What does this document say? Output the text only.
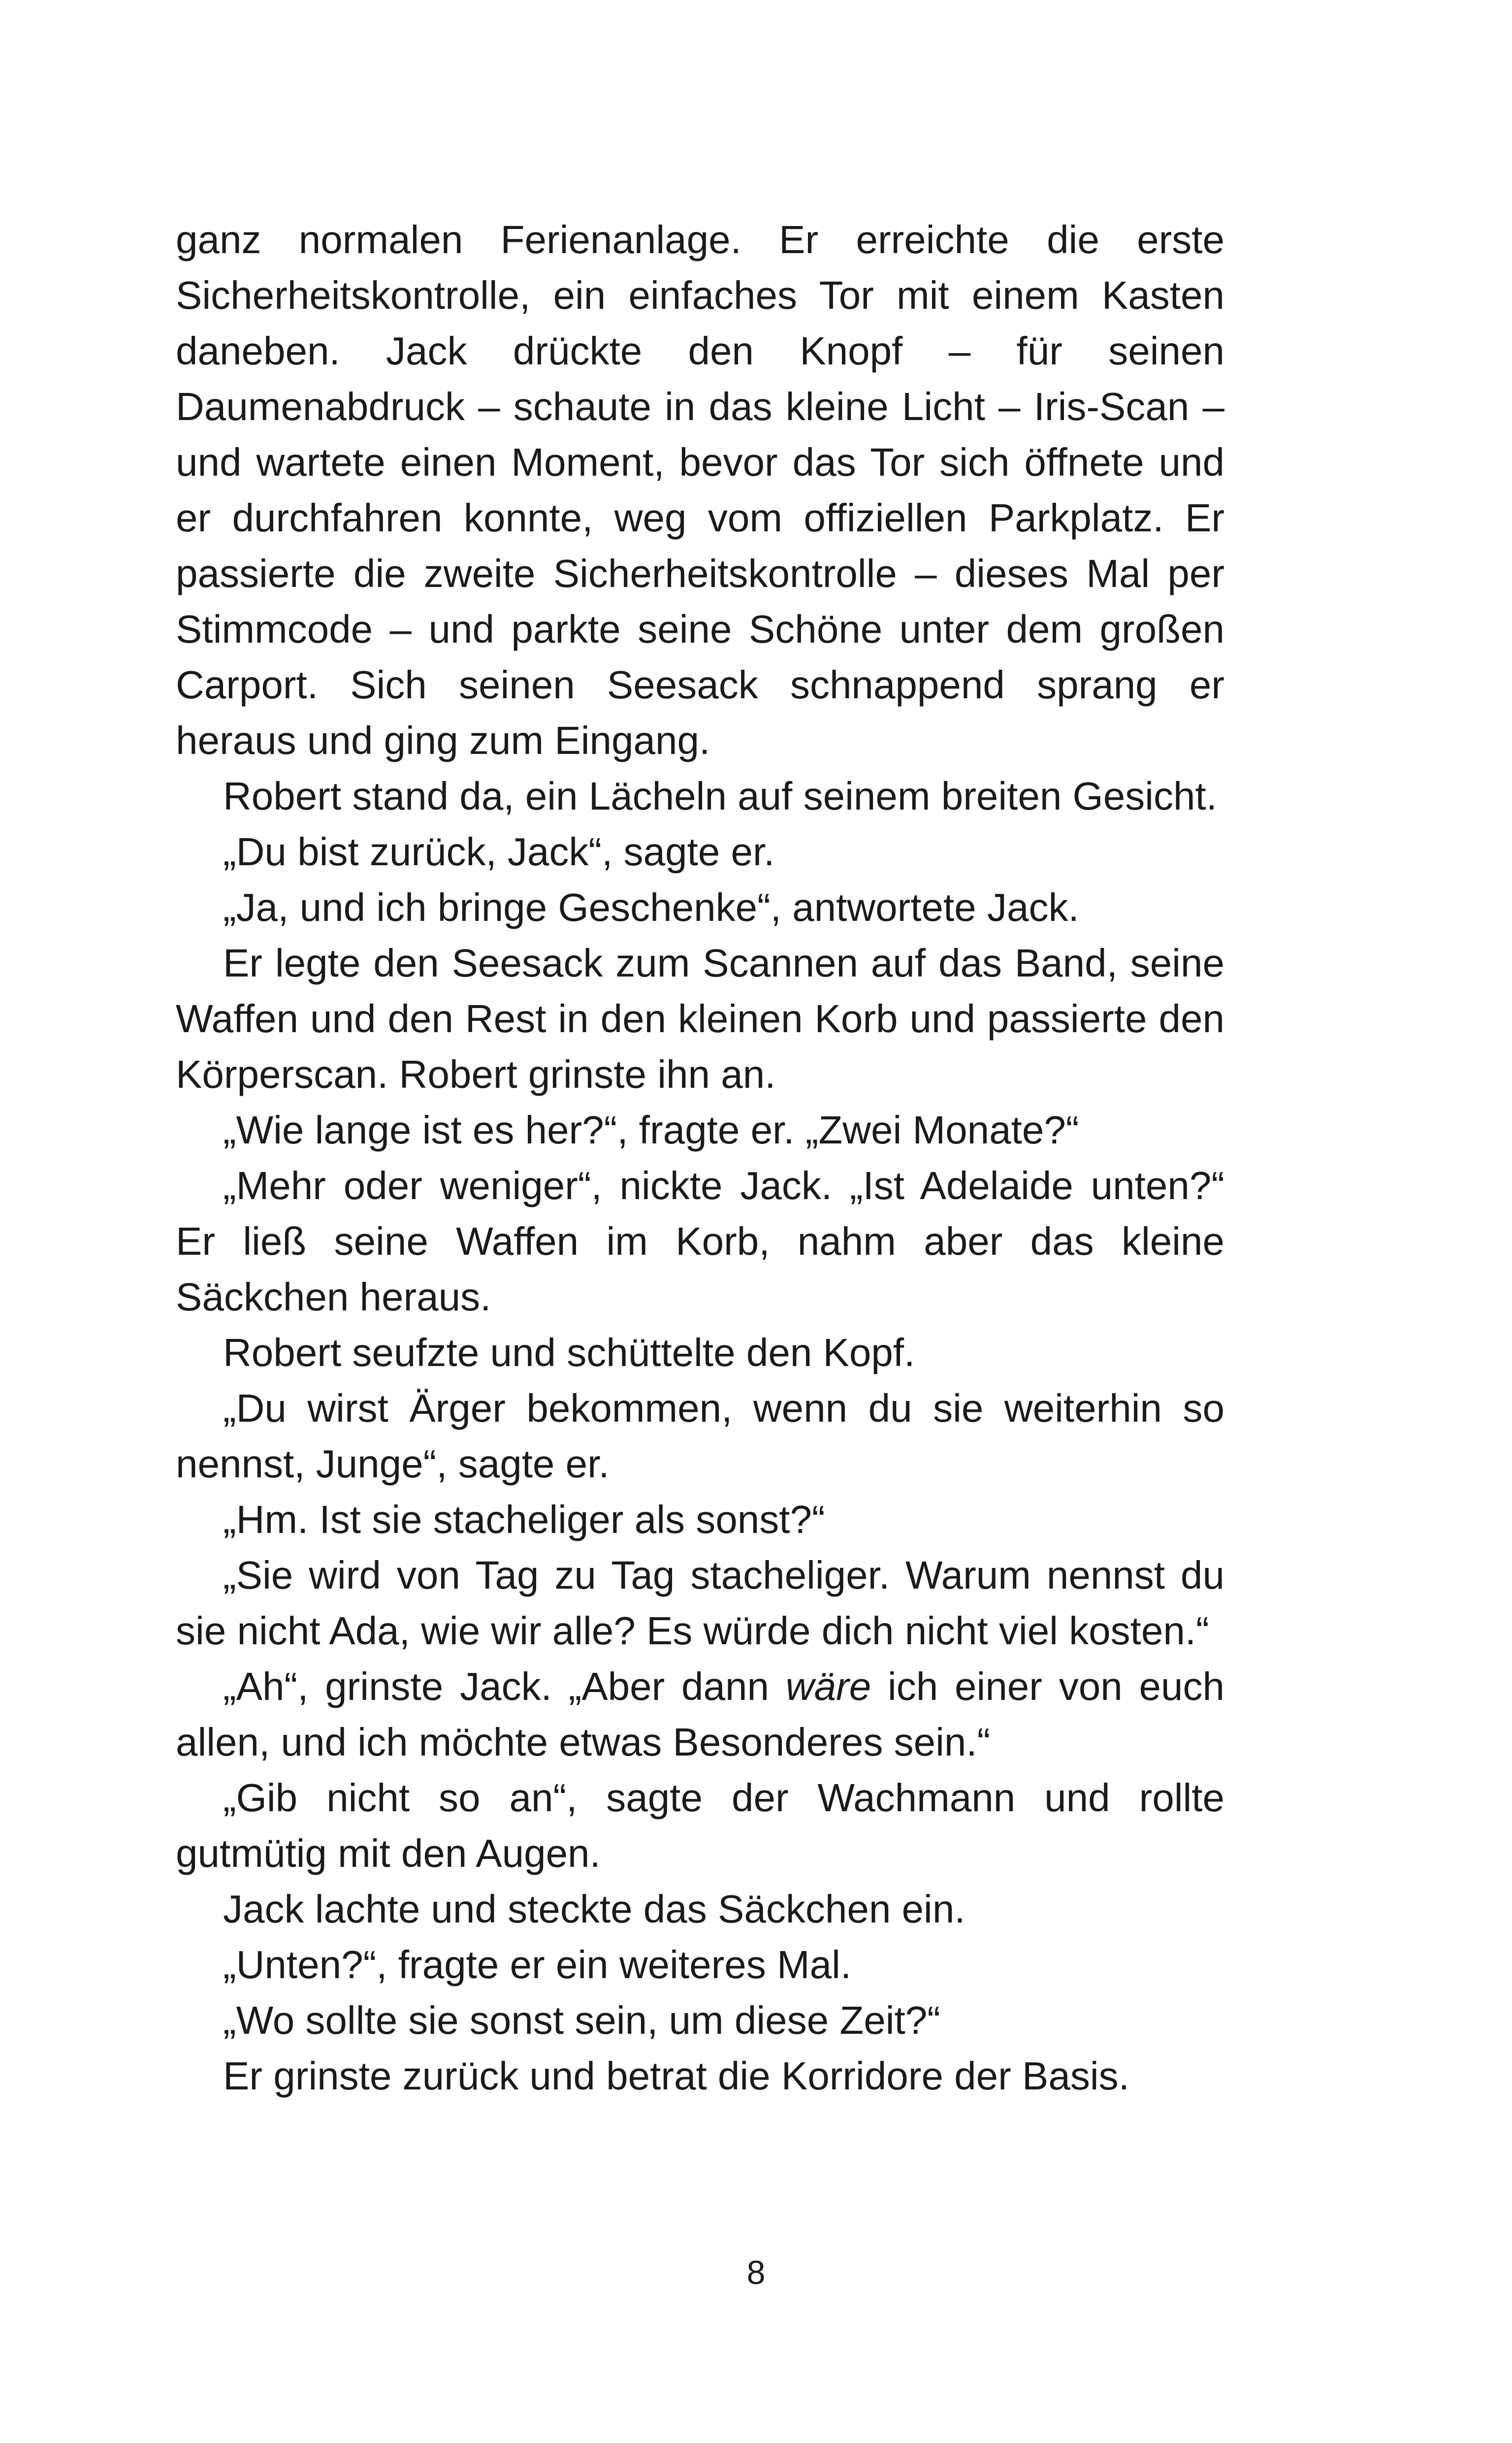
ganz normalen Ferienanlage. Er erreichte die erste Sicherheitskontrolle, ein einfaches Tor mit einem Kasten daneben. Jack drückte den Knopf – für seinen Daumenabdruck – schaute in das kleine Licht – Iris-Scan – und wartete einen Moment, bevor das Tor sich öffnete und er durchfahren konnte, weg vom offiziellen Parkplatz. Er passierte die zweite Sicherheitskontrolle – dieses Mal per Stimmcode – und parkte seine Schöne unter dem großen Carport. Sich seinen Seesack schnappend sprang er heraus und ging zum Eingang.

Robert stand da, ein Lächeln auf seinem breiten Gesicht.

„Du bist zurück, Jack“, sagte er.

„Ja, und ich bringe Geschenke“, antwortete Jack.

Er legte den Seesack zum Scannen auf das Band, seine Waffen und den Rest in den kleinen Korb und passierte den Körperscan. Robert grinste ihn an.

„Wie lange ist es her?“, fragte er. „Zwei Monate?“

„Mehr oder weniger“, nickte Jack. „Ist Adelaide unten?“ Er ließ seine Waffen im Korb, nahm aber das kleine Säckchen heraus.

Robert seufzte und schüttelte den Kopf.

„Du wirst Ärger bekommen, wenn du sie weiterhin so nennst, Junge“, sagte er.

„Hm. Ist sie stacheliger als sonst?“

„Sie wird von Tag zu Tag stacheliger. Warum nennst du sie nicht Ada, wie wir alle? Es würde dich nicht viel kosten.“

„Ah“, grinste Jack. „Aber dann wäre ich einer von euch allen, und ich möchte etwas Besonderes sein.“

„Gib nicht so an“, sagte der Wachmann und rollte gutmütig mit den Augen.

Jack lachte und steckte das Säckchen ein.

„Unten?“, fragte er ein weiteres Mal.

„Wo sollte sie sonst sein, um diese Zeit?“

Er grinste zurück und betrat die Korridore der Basis.

8
